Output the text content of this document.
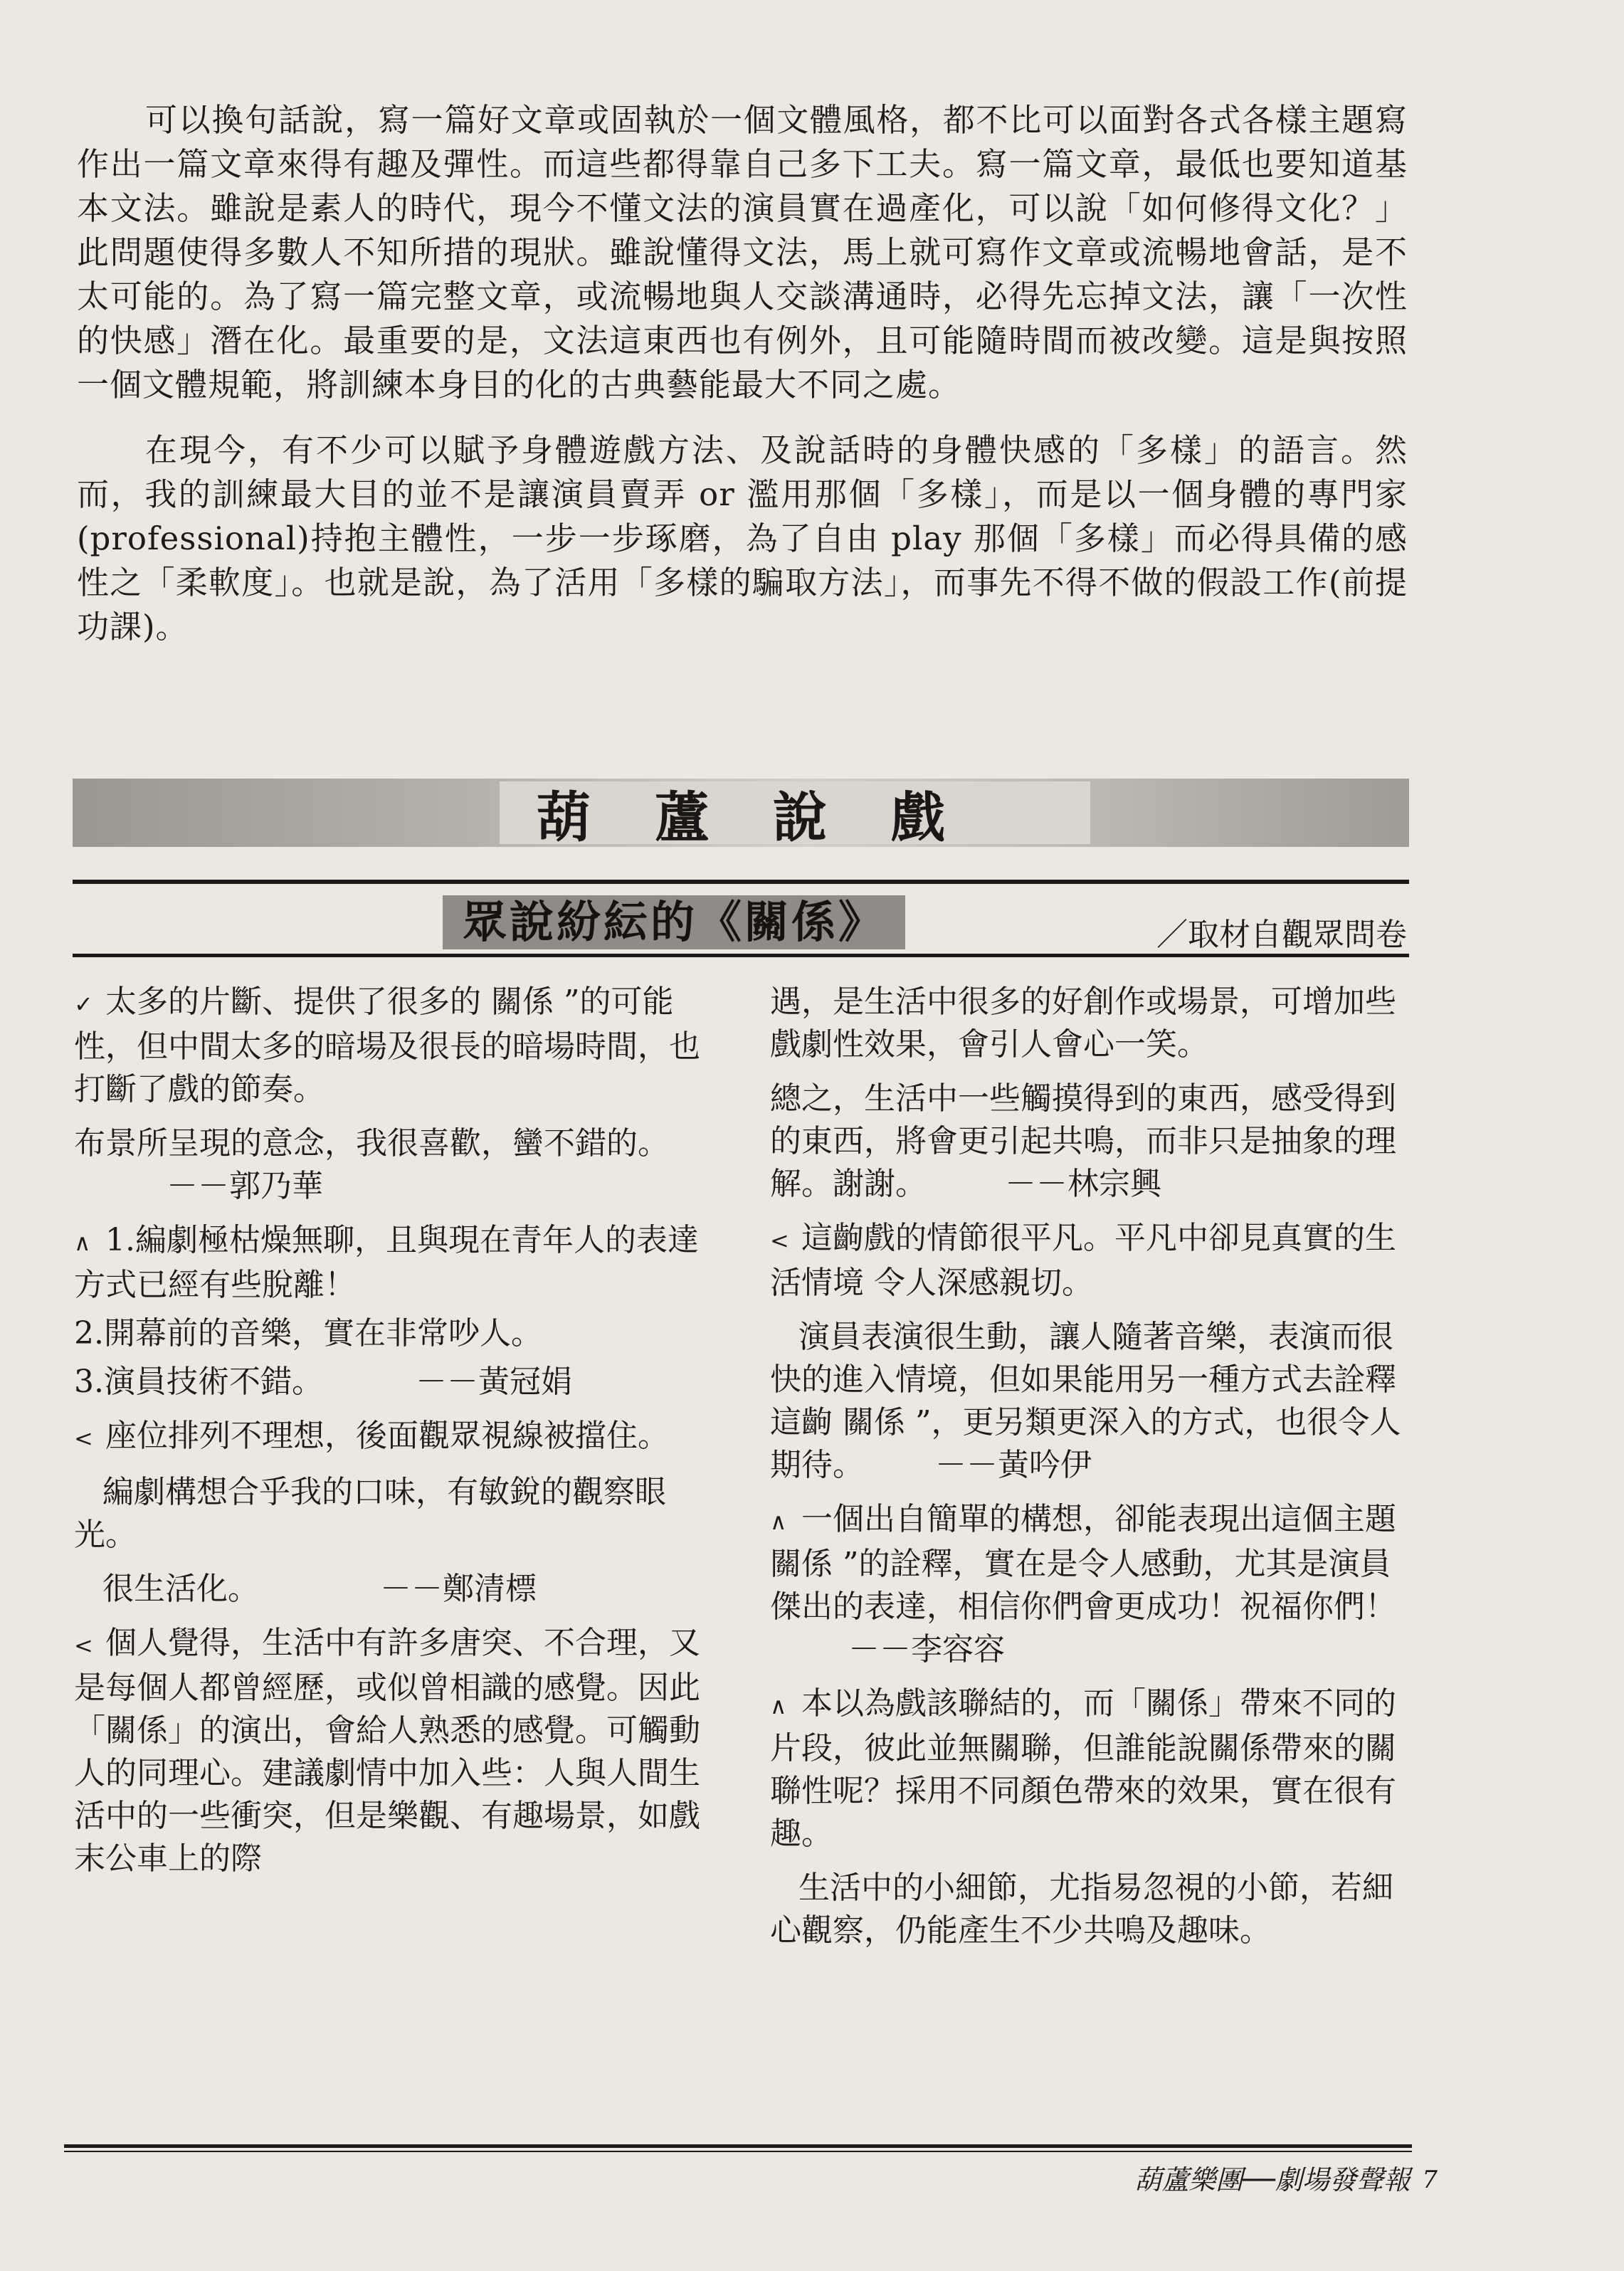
可以換句話說，寫一篇好文章或固執於一個文體風格，都不比可以面對各式各樣主題寫作出一篇文章來得有趣及彈性。而這些都得靠自己多下工夫。寫一篇文章，最低也要知道基本文法。雖說是素人的時代，現今不懂文法的演員實在過產化，可以說「如何修得文化？」此問題使得多數人不知所措的現狀。雖說懂得文法，馬上就可寫作文章或流暢地會話，是不太可能的。為了寫一篇完整文章，或流暢地與人交談溝通時，必得先忘掉文法，讓「一次性的快感」潛在化。最重要的是，文法這東西也有例外，且可能隨時間而被改變。這是與按照一個文體規範，將訓練本身目的化的古典藝能最大不同之處。

在現今，有不少可以賦予身體遊戲方法、及說話時的身體快感的「多樣」的語言。然而，我的訓練最大目的並不是讓演員賣弄 or 濫用那個「多樣」，而是以一個身體的專門家(professional)持抱主體性，一步一步琢磨，為了自由 play 那個「多樣」而必得具備的感性之「柔軟度」。也就是說，為了活用「多樣的騙取方法」，而事先不得不做的假設工作(前提功課)。

葫蘆說戲
眾說紛紜的《關係》	／取材自觀眾問卷

✓ 太多的片斷、提供了很多的 關係 ”的可能性，但中間太多的暗場及很長的暗場時間，也打斷了戲的節奏。

布景所呈現的意念，我很喜歡，蠻不錯的。－－郭乃華

∧ 1.編劇極枯燥無聊，且與現在青年人的表達方式已經有些脫離！

2.開幕前的音樂，實在非常吵人。

3.演員技術不錯。	－－黃冠娟

< 座位排列不理想，後面觀眾視線被擋住。

編劇構想合乎我的口味，有敏銳的觀察眼光。

很生活化。	－－鄭清標

< 個人覺得，生活中有許多唐突、不合理，又是每個人都曾經歷，或似曾相識的感覺。因此「關係」的演出，會給人熟悉的感覺。可觸動人的同理心。建議劇情中加入些：人與人間生活中的一些衝突，但是樂觀、有趣場景，如戲末公車上的際

遇，是生活中很多的好創作或場景，可增加些戲劇性效果，會引人會心一笑。

總之，生活中一些觸摸得到的東西，感受得到的東西，將會更引起共鳴，而非只是抽象的理解。謝謝。	－－林宗興

< 這齣戲的情節很平凡。平凡中卻見真實的生活情境 令人深感親切。

演員表演很生動，讓人隨著音樂，表演而很快的進入情境，但如果能用另一種方式去詮釋這齣 關係 ”，更另類更深入的方式，也很令人期待。 －－黃吟伊

∧ 一個出自簡單的構想，卻能表現出這個主題 關係 ”的詮釋，實在是令人感動，尤其是演員傑出的表達，相信你們會更成功！祝福你們！－－李容容

∧ 本以為戲該聯結的，而「關係」帶來不同的片段，彼此並無關聯，但誰能說關係帶來的關聯性呢？採用不同顏色帶來的效果，實在很有趣。

生活中的小細節，尤指易忽視的小節，若細心觀察，仍能產生不少共鳴及趣味。

葫蘆樂團──劇場發聲報 7
